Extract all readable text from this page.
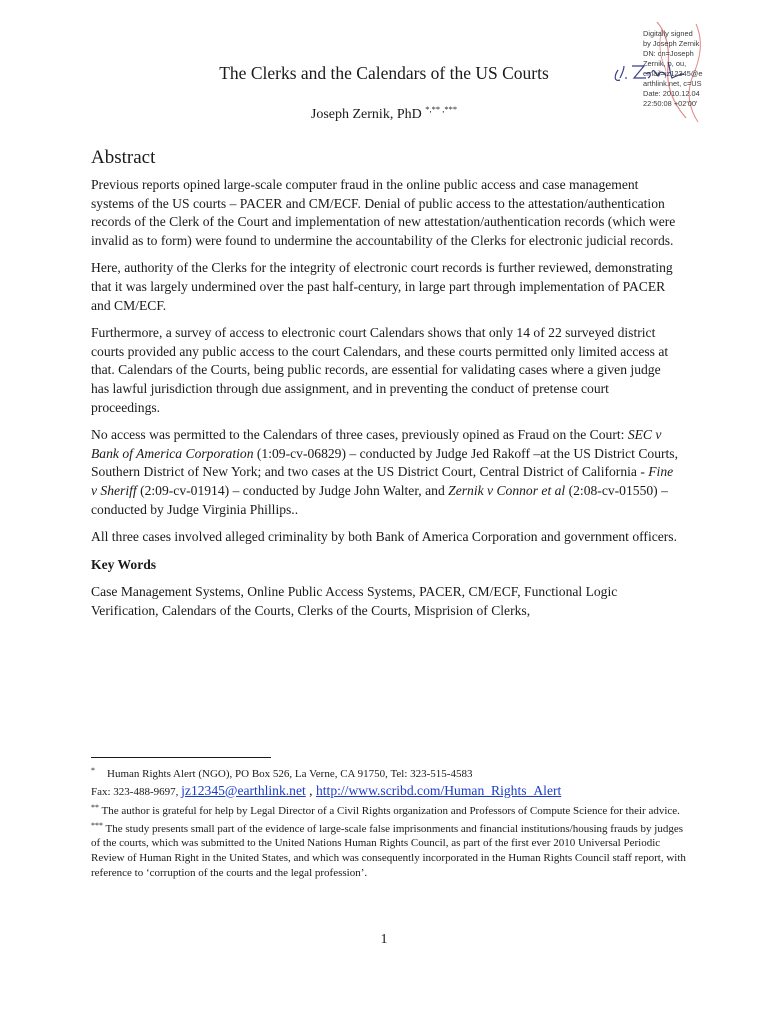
Digitally signed
by Joseph Zernik
DN: cn=Joseph
Zernik, o, ou,
email=jz12345@e
arthlink.net, c=US
Date: 2010.12.04
22:50:08 +02'00'
The Clerks and the Calendars of the US Courts
Joseph Zernik, PhD *,** ,***
Abstract

Previous reports opined large-scale computer fraud in the online public access and case management systems of the US courts – PACER and CM/ECF. Denial of public access to the attestation/authentication records of the Clerk of the Court and implementation of new attestation/authentication records (which were invalid as to form) were found to undermine the accountability of the Clerks for electronic judicial records.

Here, authority of the Clerks for the integrity of electronic court records is further reviewed, demonstrating that it was largely undermined over the past half-century, in large part through implementation of PACER and CM/ECF.

Furthermore, a survey of access to electronic court Calendars shows that only 14 of 22 surveyed district courts provided any public access to the court Calendars, and these courts permitted only limited access at that. Calendars of the Courts, being public records, are essential for validating cases where a given judge has lawful jurisdiction through due assignment, and in preventing the conduct of pretense court proceedings.

No access was permitted to the Calendars of three cases, previously opined as Fraud on the Court: SEC v Bank of America Corporation (1:09-cv-06829) – conducted by Judge Jed Rakoff –at the US District Courts, Southern District of New York; and two cases at the US District Court, Central District of California - Fine v Sheriff (2:09-cv-01914) – conducted by Judge John Walter, and Zernik v Connor et al (2:08-cv-01550) – conducted by Judge Virginia Phillips..

All three cases involved alleged criminality by both Bank of America Corporation and government officers.

Key Words

Case Management Systems, Online Public Access Systems, PACER, CM/ECF, Functional Logic Verification, Calendars of the Courts, Clerks of the Courts, Misprision of Clerks,

* Human Rights Alert (NGO), PO Box 526, La Verne, CA 91750, Tel: 323-515-4583
Fax: 323-488-9697, jz12345@earthlink.net , http://www.scribd.com/Human_Rights_Alert
** The author is grateful for help by Legal Director of a Civil Rights organization and Professors of Compute Science for their advice.
*** The study presents small part of the evidence of large-scale false imprisonments and financial institutions/housing frauds by judges of the courts, which was submitted to the United Nations Human Rights Council, as part of the first ever 2010 Universal Periodic Review of Human Right in the United States, and which was consequently incorporated in the Human Rights Council staff report, with reference to ‘corruption of the courts and the legal profession’.
1
